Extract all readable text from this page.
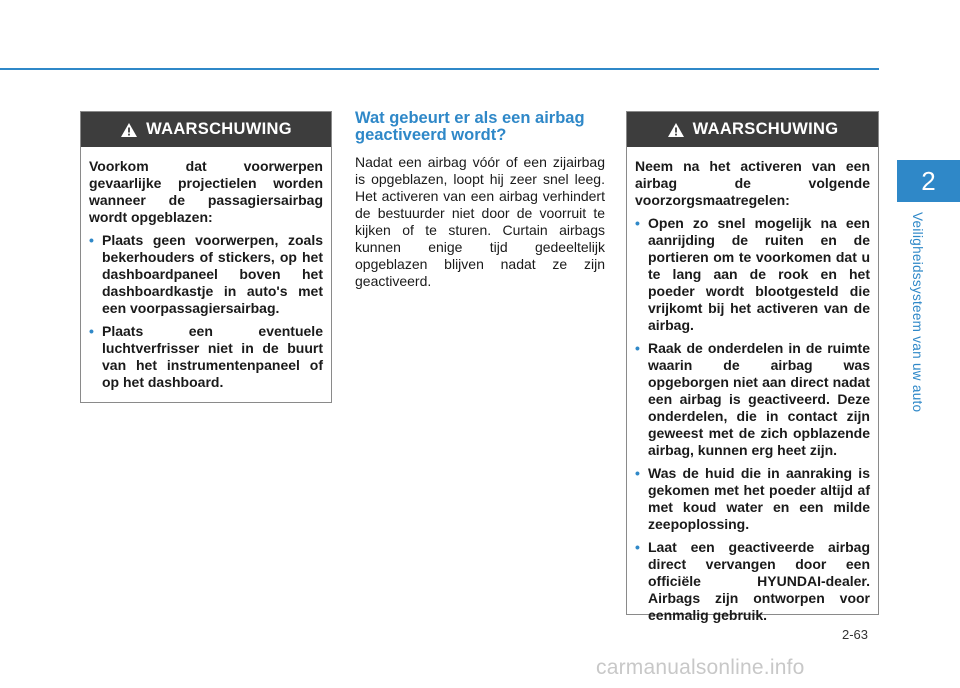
2
Veiligheidssysteem van uw auto
WAARSCHUWING

Voorkom dat voorwerpen gevaarlijke projectielen worden wanneer de passagiersairbag wordt opgeblazen:

• Plaats geen voorwerpen, zoals bekerhouders of stickers, op het dashboardpaneel boven het dashboardkastje in auto's met een voorpassagiersairbag.
• Plaats een eventuele luchtverfrisser niet in de buurt van het instrumentenpaneel of op het dashboard.
Wat gebeurt er als een airbag geactiveerd wordt?
Nadat een airbag vóór of een zijairbag is opgeblazen, loopt hij zeer snel leeg. Het activeren van een airbag verhindert de bestuurder niet door de voorruit te kijken of te sturen. Curtain airbags kunnen enige tijd gedeeltelijk opgeblazen blijven nadat ze zijn geactiveerd.
WAARSCHUWING

Neem na het activeren van een airbag de volgende voorzorgsmaatregelen:

• Open zo snel mogelijk na een aanrijding de ruiten en de portieren om te voorkomen dat u te lang aan de rook en het poeder wordt blootgesteld die vrijkomt bij het activeren van de airbag.
• Raak de onderdelen in de ruimte waarin de airbag was opgeborgen niet aan direct nadat een airbag is geactiveerd. Deze onderdelen, die in contact zijn geweest met de zich opblazende airbag, kunnen erg heet zijn.
• Was de huid die in aanraking is gekomen met het poeder altijd af met koud water en een milde zeepoplossing.
• Laat een geactiveerde airbag direct vervangen door een officiële HYUNDAI-dealer. Airbags zijn ontworpen voor eenmalig gebruik.
2-63
carmanualsonline.info
